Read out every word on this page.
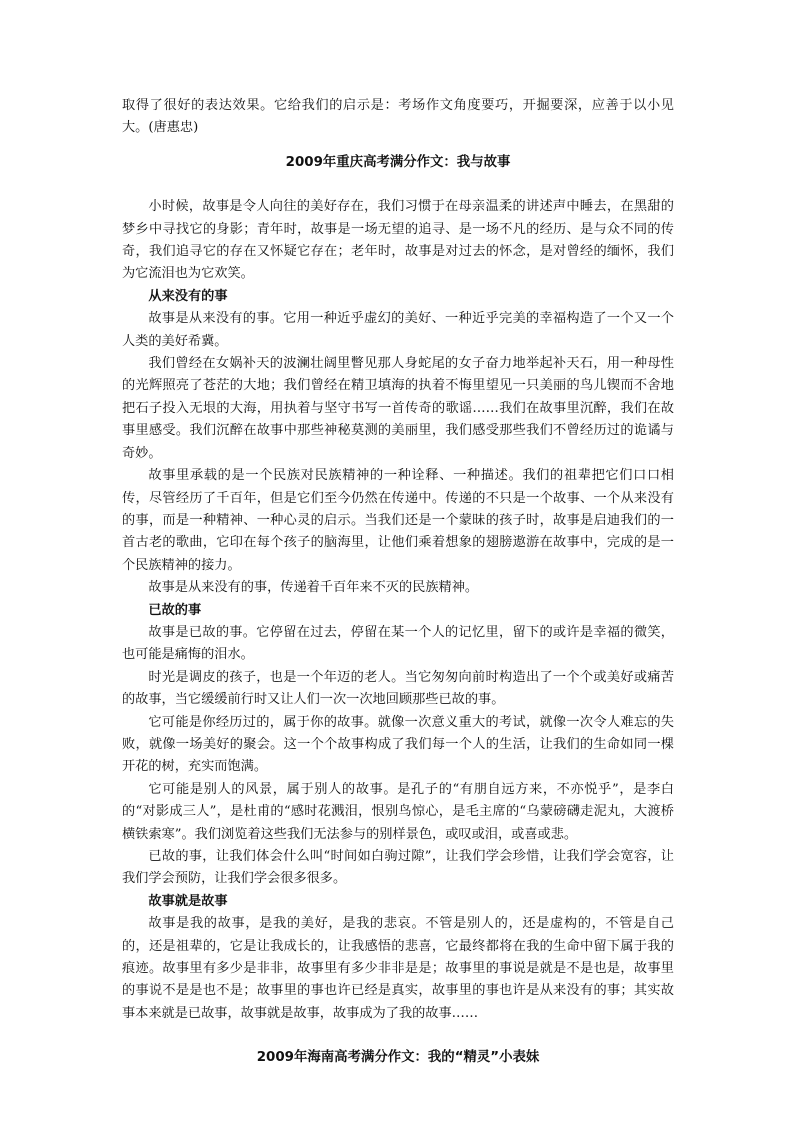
取得了很好的表达效果。它给我们的启示是：考场作文角度要巧，开掘要深，应善于以小见大。(唐惠忠)

2009年重庆高考满分作文：我与故事

小时候，故事是令人向往的美好存在，我们习惯于在母亲温柔的讲述声中睡去，在黑甜的梦乡中寻找它的身影；青年时，故事是一场无望的追寻、是一场不凡的经历、是与众不同的传奇，我们追寻它的存在又怀疑它存在；老年时，故事是对过去的怀念，是对曾经的缅怀，我们为它流泪也为它欢笑。

从来没有的事

故事是从来没有的事。它用一种近乎虚幻的美好、一种近乎完美的幸福构造了一个又一个人类的美好希冀。

我们曾经在女娲补天的波澜壮阔里瞥见那人身蛇尾的女子奋力地举起补天石，用一种母性的光辉照亮了苍茫的大地；我们曾经在精卫填海的执着不悔里望见一只美丽的鸟儿锲而不舍地把石子投入无垠的大海，用执着与坚守书写一首传奇的歌谣……我们在故事里沉醉，我们在故事里感受。我们沉醉在故事中那些神秘莫测的美丽里，我们感受那些我们不曾经历过的诡谲与奇妙。

故事里承载的是一个民族对民族精神的一种诠释、一种描述。我们的祖辈把它们口口相传，尽管经历了千百年，但是它们至今仍然在传递中。传递的不只是一个故事、一个从来没有的事，而是一种精神、一种心灵的启示。当我们还是一个蒙昧的孩子时，故事是启迪我们的一首古老的歌曲，它印在每个孩子的脑海里，让他们乘着想象的翅膀遨游在故事中，完成的是一个民族精神的接力。

故事是从来没有的事，传递着千百年来不灭的民族精神。

已故的事

故事是已故的事。它停留在过去，停留在某一个人的记忆里，留下的或许是幸福的微笑，也可能是痛悔的泪水。

时光是调皮的孩子，也是一个年迈的老人。当它匆匆向前时构造出了一个个或美好或痛苦的故事，当它缓缓前行时又让人们一次一次地回顾那些已故的事。

它可能是你经历过的，属于你的故事。就像一次意义重大的考试，就像一次令人难忘的失败，就像一场美好的聚会。这一个个故事构成了我们每一个人的生活，让我们的生命如同一棵开花的树，充实而饱满。

它可能是别人的风景，属于别人的故事。是孔子的“有朋自远方来，不亦悦乎”，是李白的“对影成三人”，是杜甫的“感时花溅泪，恨别鸟惊心，是毛主席的“乌蒙磅礴走泥丸，大渡桥横铁索寒”。我们浏览着这些我们无法参与的别样景色，或叹或泪，或喜或悲。

已故的事，让我们体会什么叫“时间如白驹过隙”，让我们学会珍惜，让我们学会宽容，让我们学会预防，让我们学会很多很多。

故事就是故事

故事是我的故事，是我的美好，是我的悲哀。不管是别人的，还是虚构的，不管是自己的，还是祖辈的，它是让我成长的，让我感悟的悲喜，它最终都将在我的生命中留下属于我的痕迹。故事里有多少是非非，故事里有多少非非是是；故事里的事说是就是不是也是，故事里的事说不是是也不是；故事里的事也许已经是真实，故事里的事也许是从来没有的事；其实故事本来就是已故事，故事就是故事，故事成为了我的故事……

2009年海南高考满分作文：我的“精灵”小表妹
